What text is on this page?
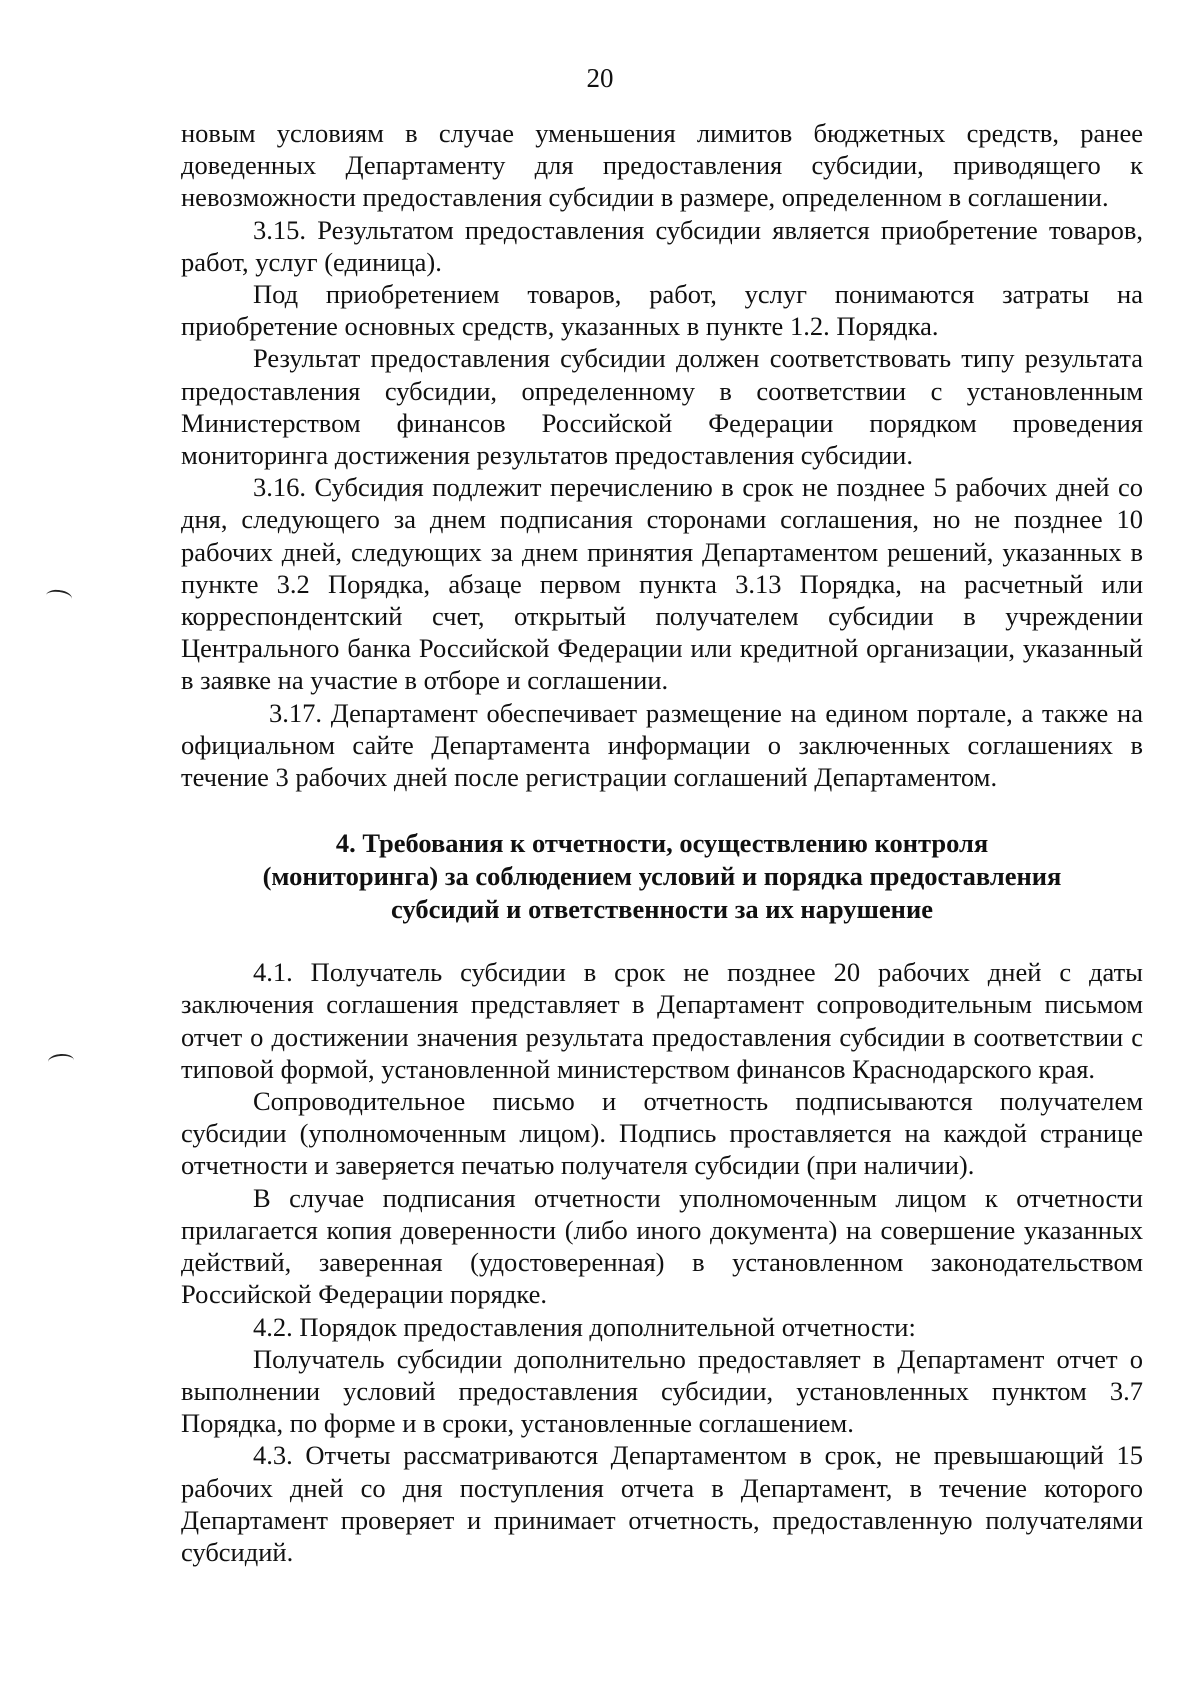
20

новым условиям в случае уменьшения лимитов бюджетных средств, ранее доведенных Департаменту для предоставления субсидии, приводящего к невозможности предоставления субсидии в размере, определенном в соглашении.

3.15. Результатом предоставления субсидии является приобретение товаров, работ, услуг (единица).

Под приобретением товаров, работ, услуг понимаются затраты на приобретение основных средств, указанных в пункте 1.2. Порядка.

Результат предоставления субсидии должен соответствовать типу результата предоставления субсидии, определенному в соответствии с установленным Министерством финансов Российской Федерации порядком проведения мониторинга достижения результатов предоставления субсидии.

3.16. Субсидия подлежит перечислению в срок не позднее 5 рабочих дней со дня, следующего за днем подписания сторонами соглашения, но не позднее 10 рабочих дней, следующих за днем принятия Департаментом решений, указанных в пункте 3.2 Порядка, абзаце первом пункта 3.13 Порядка, на расчетный или корреспондентский счет, открытый получателем субсидии в учреждении Центрального банка Российской Федерации или кредитной организации, указанный в заявке на участие в отборе и соглашении.

3.17. Департамент обеспечивает размещение на едином портале, а также на официальном сайте Департамента информации о заключенных соглашениях в течение 3 рабочих дней после регистрации соглашений Департаментом.

4. Требования к отчетности, осуществлению контроля
(мониторинга) за соблюдением условий и порядка предоставления
субсидий и ответственности за их нарушение

4.1. Получатель субсидии в срок не позднее 20 рабочих дней с даты заключения соглашения представляет в Департамент сопроводительным письмом отчет о достижении значения результата предоставления субсидии в соответствии с типовой формой, установленной министерством финансов Краснодарского края.

Сопроводительное письмо и отчетность подписываются получателем субсидии (уполномоченным лицом). Подпись проставляется на каждой странице отчетности и заверяется печатью получателя субсидии (при наличии).

В случае подписания отчетности уполномоченным лицом к отчетности прилагается копия доверенности (либо иного документа) на совершение указанных действий, заверенная (удостоверенная) в установленном законодательством Российской Федерации порядке.

4.2. Порядок предоставления дополнительной отчетности:

Получатель субсидии дополнительно предоставляет в Департамент отчет о выполнении условий предоставления субсидии, установленных пунктом 3.7 Порядка, по форме и в сроки, установленные соглашением.

4.3. Отчеты рассматриваются Департаментом в срок, не превышающий 15 рабочих дней со дня поступления отчета в Департамент, в течение которого Департамент проверяет и принимает отчетность, предоставленную получателями субсидий.
